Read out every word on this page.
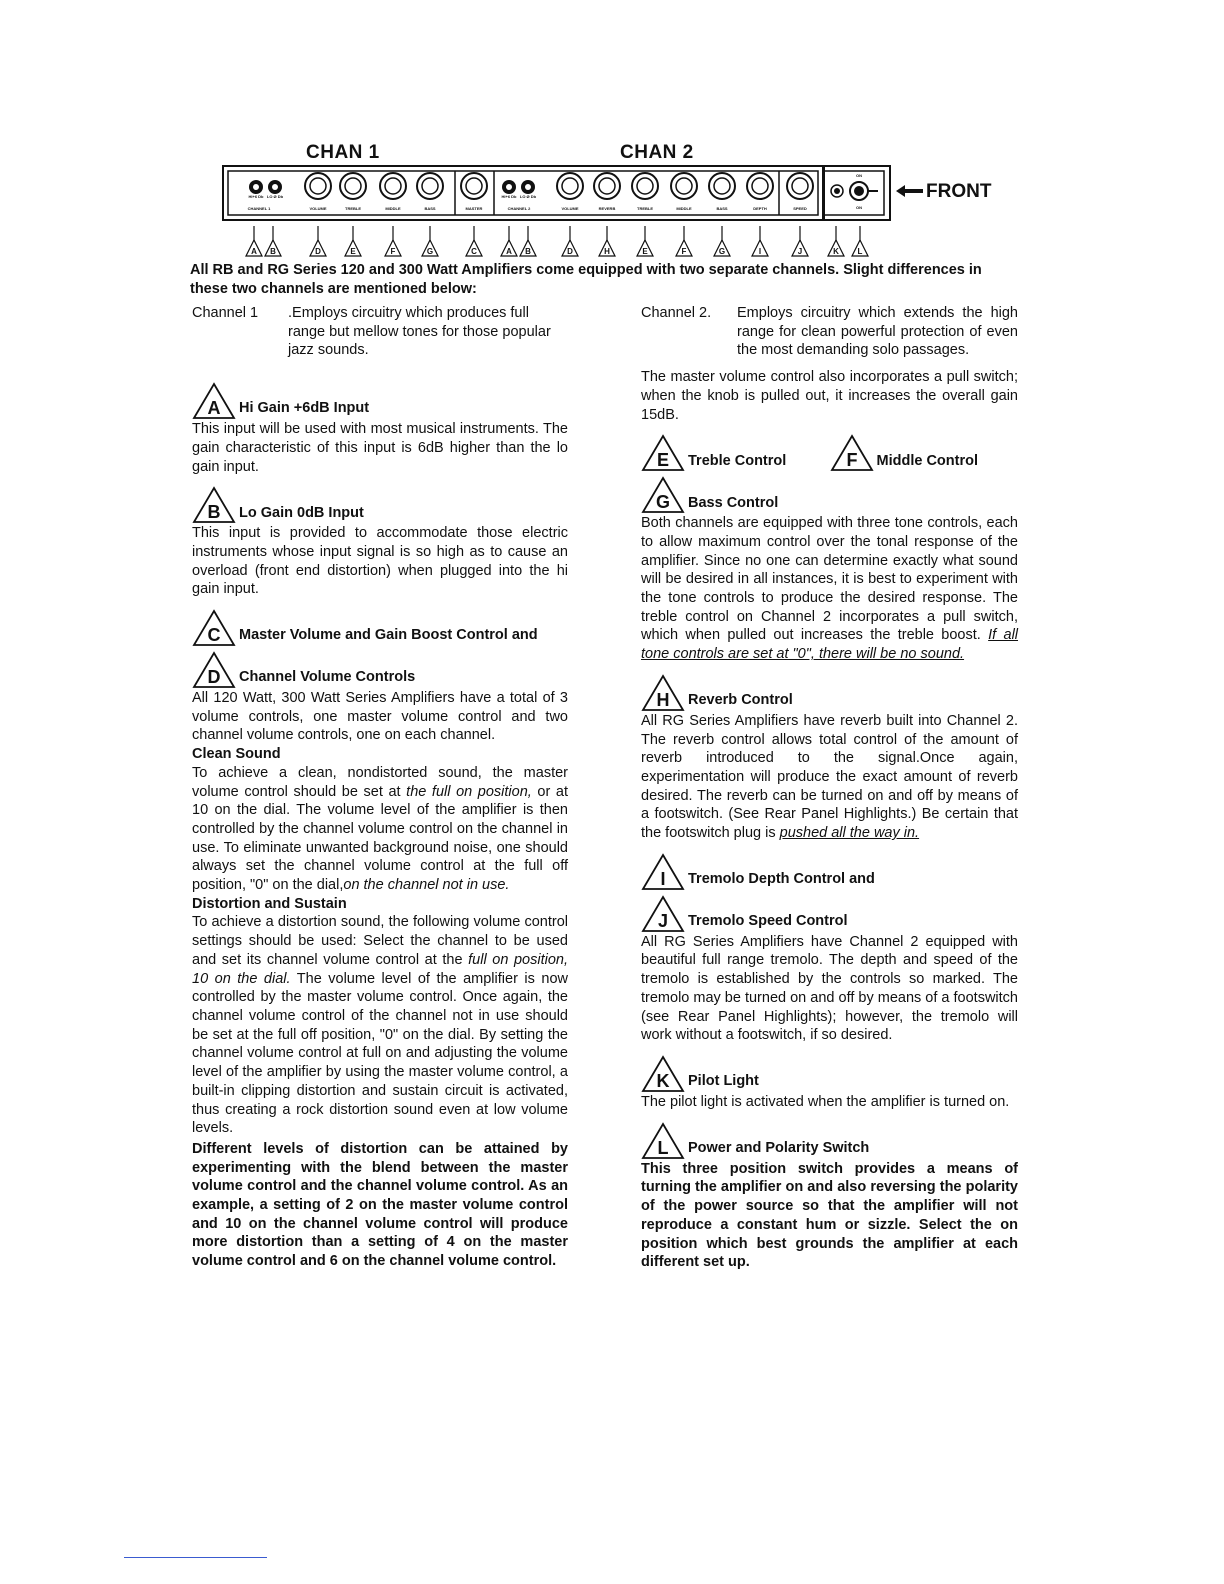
CHAN 1	CHAN 2
HI+6 Db LO Ø Db
CHANNEL 1	VOLUME	TREBLE	MIDDLE	BASS	MASTER
HI+6 Db LO Ø Db
CHANNEL 2	VOLUME	REVERB	TREBLE	MIDDLE	BASS	DEPTH	SPEED
ON
ON
FRONT
A B	D	E	F	G	C	A B	D	H	E	F	G	I	J	K L
All RB and RG Series 120 and 300 Watt Amplifiers come equipped with two separate channels. Slight differences in these two channels are mentioned below:
Channel 1	.Employs circuitry which produces full range but mellow tones for those popular jazz sounds.
A Hi Gain +6dB Input

This input will be used with most musical instruments. The gain characteristic of this input is 6dB higher than the lo gain input.

B Lo Gain 0dB Input

This input is provided to accommodate those electric instruments whose input signal is so high as to cause an overload (front end distortion) when plugged into the hi gain input.

C Master Volume and Gain Boost Control and
D Channel Volume Controls

All 120 Watt, 300 Watt Series Amplifiers have a total of 3 volume controls, one master volume control and two channel volume controls, one on each channel.

Clean Sound

To achieve a clean, nondistorted sound, the master volume control should be set at the full on position, or at 10 on the dial. The volume level of the amplifier is then controlled by the channel volume control on the channel in use. To eliminate unwanted background noise, one should always set the channel volume control at the full off position, "0" on the dial,on the channel not in use.

Distortion and Sustain

To achieve a distortion sound, the following volume control settings should be used: Select the channel to be used and set its channel volume control at the full on position, 10 on the dial. The volume level of the amplifier is now controlled by the master volume control. Once again, the channel volume control of the channel not in use should be set at the full off position, "0" on the dial. By setting the channel volume control at full on and adjusting the volume level of the amplifier by using the master volume control, a built-in clipping distortion and sustain circuit is activated, thus creating a rock distortion sound even at low volume levels.

Different levels of distortion can be attained by experimenting with the blend between the master volume control and the channel volume control. As an example, a setting of 2 on the master volume control and 10 on the channel volume control will produce more distortion than a setting of 4 on the master volume control and 6 on the channel volume control.

Channel 2.	Employs circuitry which extends the high range for clean powerful protection of even the most demanding solo passages.

The master volume control also incorporates a pull switch; when the knob is pulled out, it increases the overall gain 15dB.

E Treble Control	F Middle Control
G Bass Control

Both channels are equipped with three tone controls, each to allow maximum control over the tonal response of the amplifier. Since no one can determine exactly what sound will be desired in all instances, it is best to experiment with the tone controls to produce the desired response. The treble control on Channel 2 incorporates a pull switch, which when pulled out increases the treble boost. If all tone controls are set at "0", there will be no sound.

H Reverb Control

All RG Series Amplifiers have reverb built into Channel 2. The reverb control allows total control of the amount of reverb introduced to the signal.Once again, experimentation will produce the exact amount of reverb desired. The reverb can be turned on and off by means of a footswitch. (See Rear Panel Highlights.) Be certain that the footswitch plug is pushed all the way in.

I Tremolo Depth Control and
J Tremolo Speed Control

All RG Series Amplifiers have Channel 2 equipped with beautiful full range tremolo. The depth and speed of the tremolo is established by the controls so marked. The tremolo may be turned on and off by means of a footswitch (see Rear Panel Highlights); however, the tremolo will work without a footswitch, if so desired.

K Pilot Light

The pilot light is activated when the amplifier is turned on.

L Power and Polarity Switch

This three position switch provides a means of turning the amplifier on and also reversing the polarity of the power source so that the amplifier will not reproduce a constant hum or sizzle. Select the on position which best grounds the amplifier at each different set up.
